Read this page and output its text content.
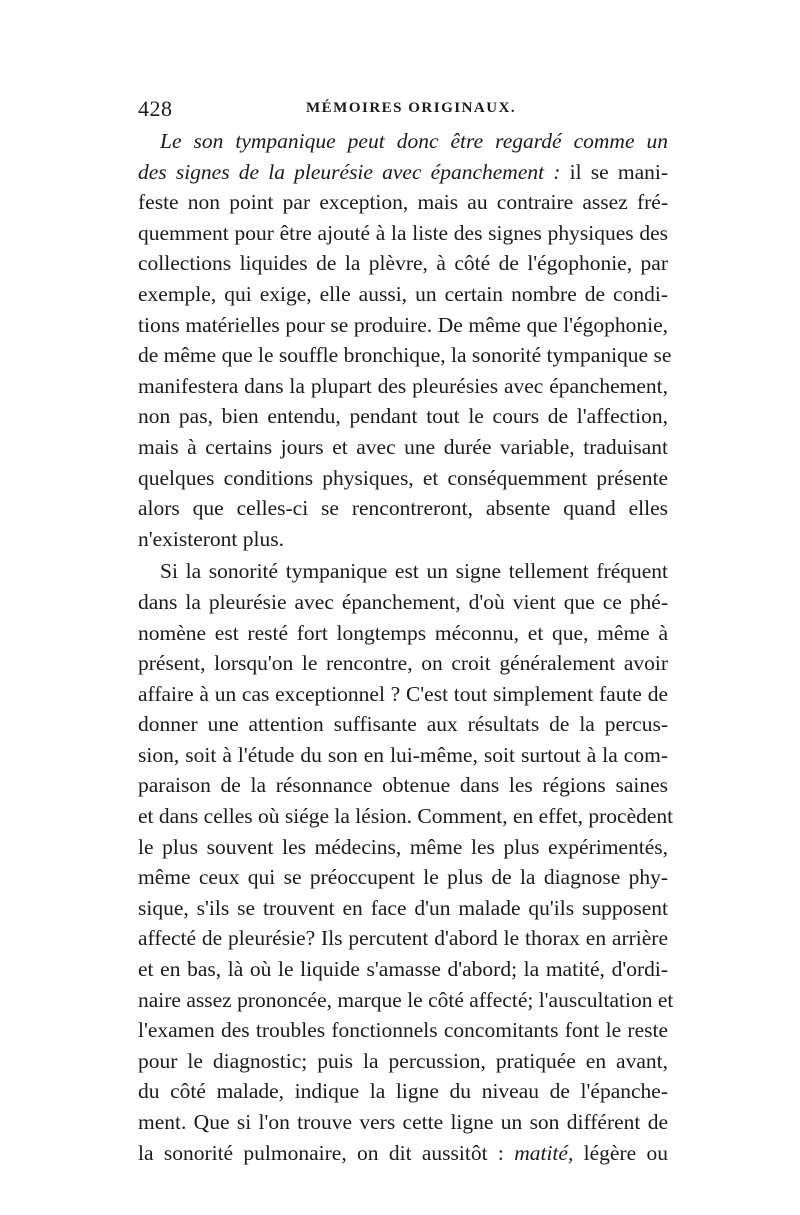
428	MÉMOIRES ORIGINAUX.
Le son tympanique peut donc être regardé comme un
des signes de la pleurésie avec épanchement : il se mani-
feste non point par exception, mais au contraire assez fré-
quemment pour être ajouté à la liste des signes physiques des
collections liquides de la plèvre, à côté de l'égophonie, par
exemple, qui exige, elle aussi, un certain nombre de condi-
tions matérielles pour se produire. De même que l'égophonie,
de même que le souffle bronchique, la sonorité tympanique se
manifestera dans la plupart des pleurésies avec épanchement,
non pas, bien entendu, pendant tout le cours de l'affection,
mais à certains jours et avec une durée variable, traduisant
quelques conditions physiques, et conséquemment présente
alors que celles-ci se rencontreront, absente quand elles
n'existeront plus.
Si la sonorité tympanique est un signe tellement fréquent
dans la pleurésie avec épanchement, d'où vient que ce phé-
nomène est resté fort longtemps méconnu, et que, même à
présent, lorsqu'on le rencontre, on croit généralement avoir
affaire à un cas exceptionnel ? C'est tout simplement faute de
donner une attention suffisante aux résultats de la percus-
sion, soit à l'étude du son en lui-même, soit surtout à la com-
paraison de la résonnance obtenue dans les régions saines
et dans celles où siége la lésion. Comment, en effet, procèdent
le plus souvent les médecins, même les plus expérimentés,
même ceux qui se préoccupent le plus de la diagnose phy-
sique, s'ils se trouvent en face d'un malade qu'ils supposent
affecté de pleurésie? Ils percutent d'abord le thorax en arrière
et en bas, là où le liquide s'amasse d'abord; la matité, d'ordi-
naire assez prononcée, marque le côté affecté; l'auscultation et
l'examen des troubles fonctionnels concomitants font le reste
pour le diagnostic; puis la percussion, pratiquée en avant,
du côté malade, indique la ligne du niveau de l'épanche-
ment. Que si l'on trouve vers cette ligne un son différent de
la sonorité pulmonaire, on dit aussitôt : matité, légère ou
